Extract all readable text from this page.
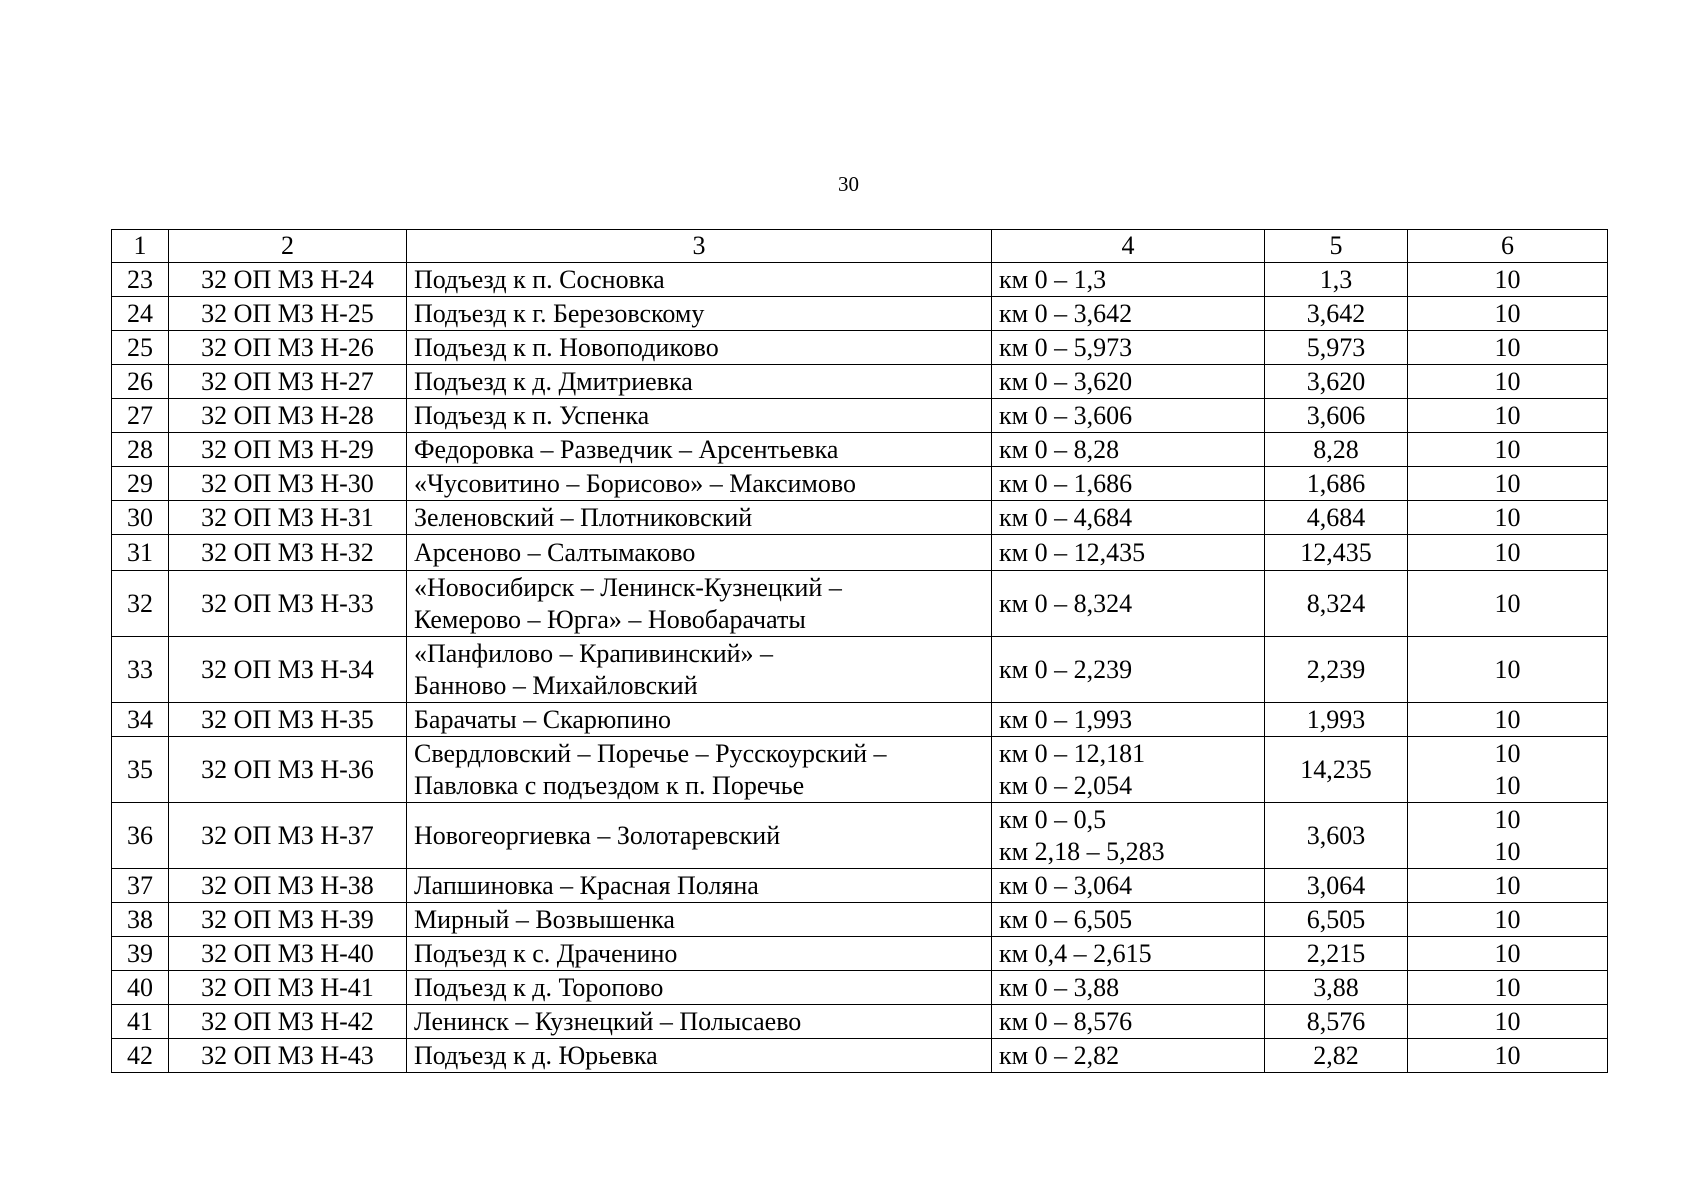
30
1	2	3	4	5	6
23	32 ОП МЗ Н-24	Подъезд к п. Сосновка	км 0 – 1,3	1,3	10

24	32 ОП МЗ Н-25	Подъезд к г. Березовскому	км 0 – 3,642	3,642	10

25	32 ОП МЗ Н-26	Подъезд к п. Новоподиково	км 0 – 5,973	5,973	10

26	32 ОП МЗ Н-27	Подъезд к д. Дмитриевка	км 0 – 3,620	3,620	10

27	32 ОП МЗ Н-28	Подъезд к п. Успенка	км 0 – 3,606	3,606	10

28	32 ОП МЗ Н-29	Федоровка – Разведчик – Арсентьевка	км 0 – 8,28	8,28	10

29	32 ОП МЗ Н-30	«Чусовитино – Борисово» – Максимово	км 0 – 1,686	1,686	10

30	32 ОП МЗ Н-31	Зеленовский – Плотниковский	км 0 – 4,684	4,684	10

31	32 ОП МЗ Н-32	Арсеново – Салтымаково	км 0 – 12,435	12,435	10

32	32 ОП МЗ Н-33	«Новосибирск – Ленинск-Кузнецкий –
Кемерово – Юрга» – Новобарачаты	км 0 – 8,324	8,324	10

33	32 ОП МЗ Н-34	«Панфилово – Крапивинский» –
Банново – Михайловский	км 0 – 2,239	2,239	10

34	32 ОП МЗ Н-35	Барачаты – Скарюпино	км 0 – 1,993	1,993	10

35	32 ОП МЗ Н-36	Свердловский – Поречье – Русскоурский –
Павловка с подъездом к п. Поречье	км 0 – 12,181
км 0 – 2,054	14,235	10
10

36	32 ОП МЗ Н-37	Новогеоргиевка – Золотаревский	км 0 – 0,5
км 2,18 – 5,283	3,603	10
10

37	32 ОП МЗ Н-38	Лапшиновка – Красная Поляна	км 0 – 3,064	3,064	10

38	32 ОП МЗ Н-39	Мирный – Возвышенка	км 0 – 6,505	6,505	10

39	32 ОП МЗ Н-40	Подъезд к с. Драченино	км 0,4 – 2,615	2,215	10

40	32 ОП МЗ Н-41	Подъезд к д. Торопово	км 0 – 3,88	3,88	10

41	32 ОП МЗ Н-42	Ленинск – Кузнецкий – Полысаево	км 0 – 8,576	8,576	10

42	32 ОП МЗ Н-43	Подъезд к д. Юрьевка	км 0 – 2,82	2,82	10
